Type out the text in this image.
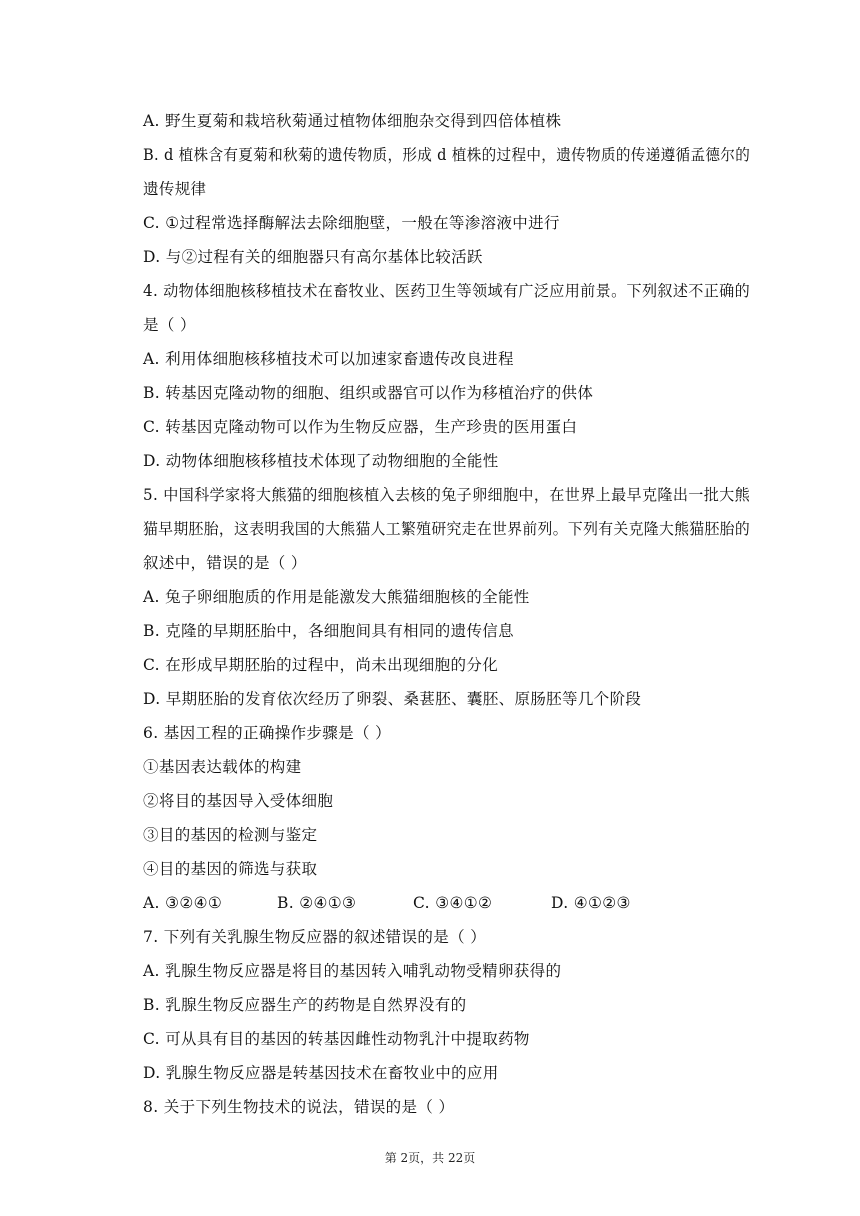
A. 野生夏菊和栽培秋菊通过植物体细胞杂交得到四倍体植株
B. d 植株含有夏菊和秋菊的遗传物质，形成 d 植株的过程中，遗传物质的传递遵循孟德尔的
遗传规律
C. ①过程常选择酶解法去除细胞壁，一般在等渗溶液中进行
D. 与②过程有关的细胞器只有高尔基体比较活跃
4. 动物体细胞核移植技术在畜牧业、医药卫生等领域有广泛应用前景。下列叙述不正确的
是（ ）
A. 利用体细胞核移植技术可以加速家畜遗传改良进程
B. 转基因克隆动物的细胞、组织或器官可以作为移植治疗的供体
C. 转基因克隆动物可以作为生物反应器，生产珍贵的医用蛋白
D. 动物体细胞核移植技术体现了动物细胞的全能性
5. 中国科学家将大熊猫的细胞核植入去核的兔子卵细胞中，在世界上最早克隆出一批大熊
猫早期胚胎，这表明我国的大熊猫人工繁殖研究走在世界前列。下列有关克隆大熊猫胚胎的
叙述中，错误的是（ ）
A. 兔子卵细胞质的作用是能激发大熊猫细胞核的全能性
B. 克隆的早期胚胎中，各细胞间具有相同的遗传信息
C. 在形成早期胚胎的过程中，尚未出现细胞的分化
D. 早期胚胎的发育依次经历了卵裂、桑葚胚、囊胚、原肠胚等几个阶段
6. 基因工程的正确操作步骤是（ ）
①基因表达载体的构建
②将目的基因导入受体细胞
③目的基因的检测与鉴定
④目的基因的筛选与获取
A. ③②④①	B. ②④①③	C. ③④①②	D. ④①②③
7. 下列有关乳腺生物反应器的叙述错误的是（ ）
A. 乳腺生物反应器是将目的基因转入哺乳动物受精卵获得的
B. 乳腺生物反应器生产的药物是自然界没有的
C. 可从具有目的基因的转基因雌性动物乳汁中提取药物
D. 乳腺生物反应器是转基因技术在畜牧业中的应用
8. 关于下列生物技术的说法，错误的是（ ）
第 2页，共 22页
